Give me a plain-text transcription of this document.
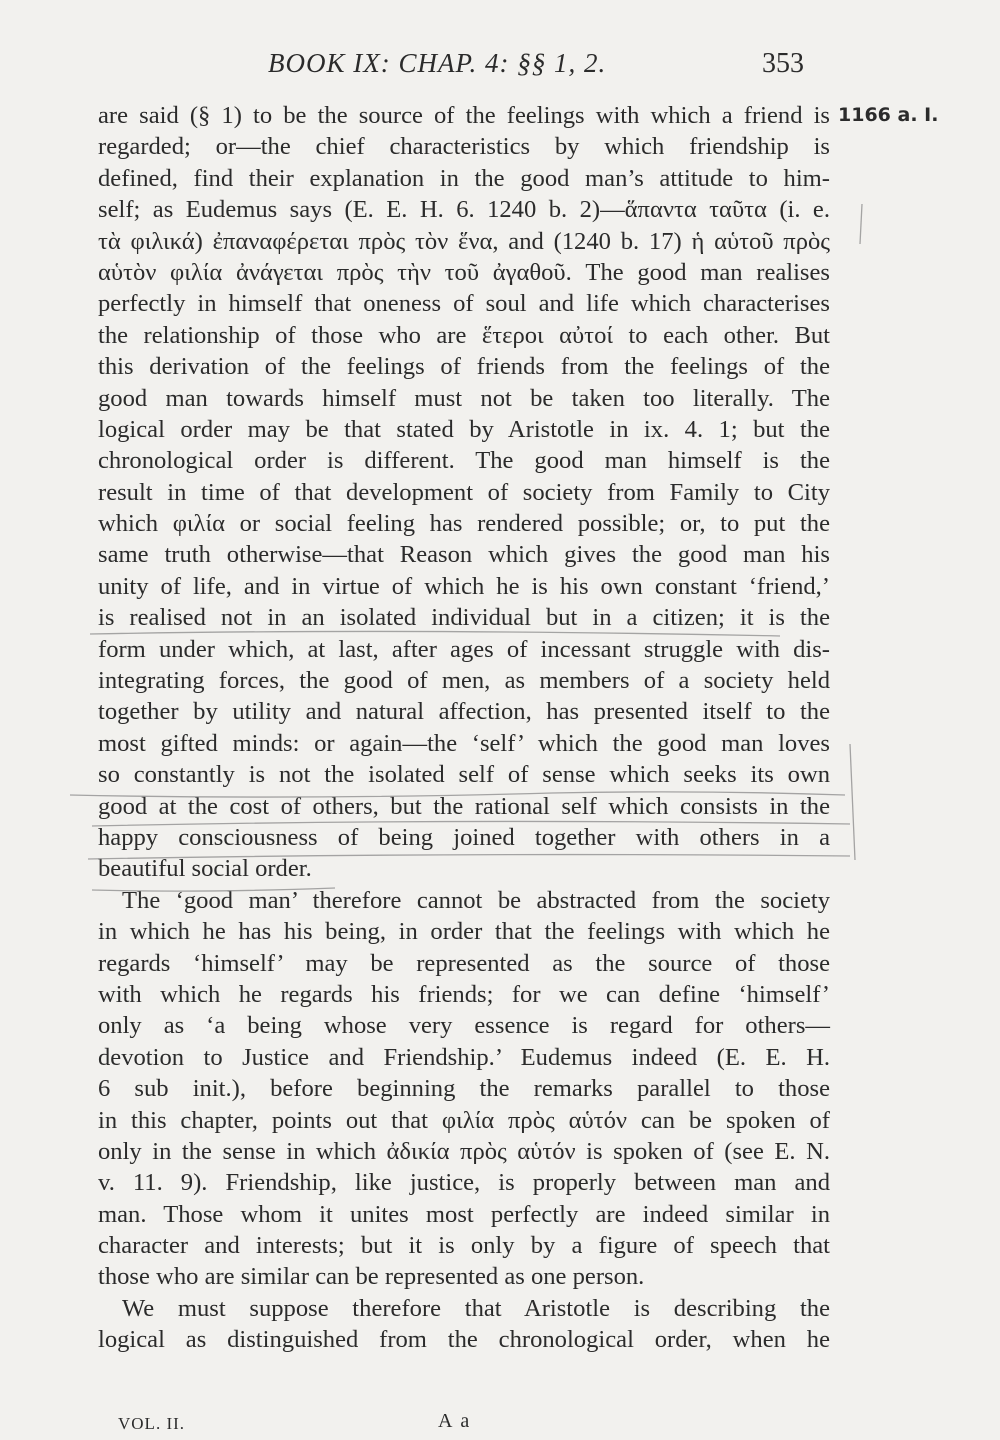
BOOK IX: CHAP. 4: §§ 1, 2.	353
1166 a. I.
are said (§ 1) to be the source of the feelings with which a friend is
regarded; or—the chief characteristics by which friendship is
defined, find their explanation in the good man’s attitude to him-
self; as Eudemus says (E. E. H. 6. 1240 b. 2)—ἅπαντα ταῦτα (i. e.
τὰ φιλικά) ἐπαναφέρεται πρὸς τὸν ἕνα, and (1240 b. 17) ἡ αὑτοῦ πρὸς
αὑτὸν φιλία ἀνάγεται πρὸς τὴν τοῦ ἀγαθοῦ. The good man realises
perfectly in himself that oneness of soul and life which characterises
the relationship of those who are ἕτεροι αὐτοί to each other. But
this derivation of the feelings of friends from the feelings of the
good man towards himself must not be taken too literally. The
logical order may be that stated by Aristotle in ix. 4. 1; but the
chronological order is different. The good man himself is the
result in time of that development of society from Family to City
which φιλία or social feeling has rendered possible; or, to put the
same truth otherwise—that Reason which gives the good man his
unity of life, and in virtue of which he is his own constant ‘friend,’
is realised not in an isolated individual but in a citizen; it is the
form under which, at last, after ages of incessant struggle with dis-
integrating forces, the good of men, as members of a society held
together by utility and natural affection, has presented itself to the
most gifted minds: or again—the ‘self’ which the good man loves
so constantly is not the isolated self of sense which seeks its own
good at the cost of others, but the rational self which consists in the
happy consciousness of being joined together with others in a
beautiful social order.
The ‘good man’ therefore cannot be abstracted from the society
in which he has his being, in order that the feelings with which he
regards ‘himself’ may be represented as the source of those
with which he regards his friends; for we can define ‘himself’
only as ‘a being whose very essence is regard for others—
devotion to Justice and Friendship.’ Eudemus indeed (E. E. H.
6 sub init.), before beginning the remarks parallel to those
in this chapter, points out that φιλία πρὸς αὑτόν can be spoken of
only in the sense in which ἀδικία πρὸς αὑτόν is spoken of (see E. N.
v. 11. 9). Friendship, like justice, is properly between man and
man. Those whom it unites most perfectly are indeed similar in
character and interests; but it is only by a figure of speech that
those who are similar can be represented as one person.
We must suppose therefore that Aristotle is describing the
logical as distinguished from the chronological order, when he
VOL. II.	A a
